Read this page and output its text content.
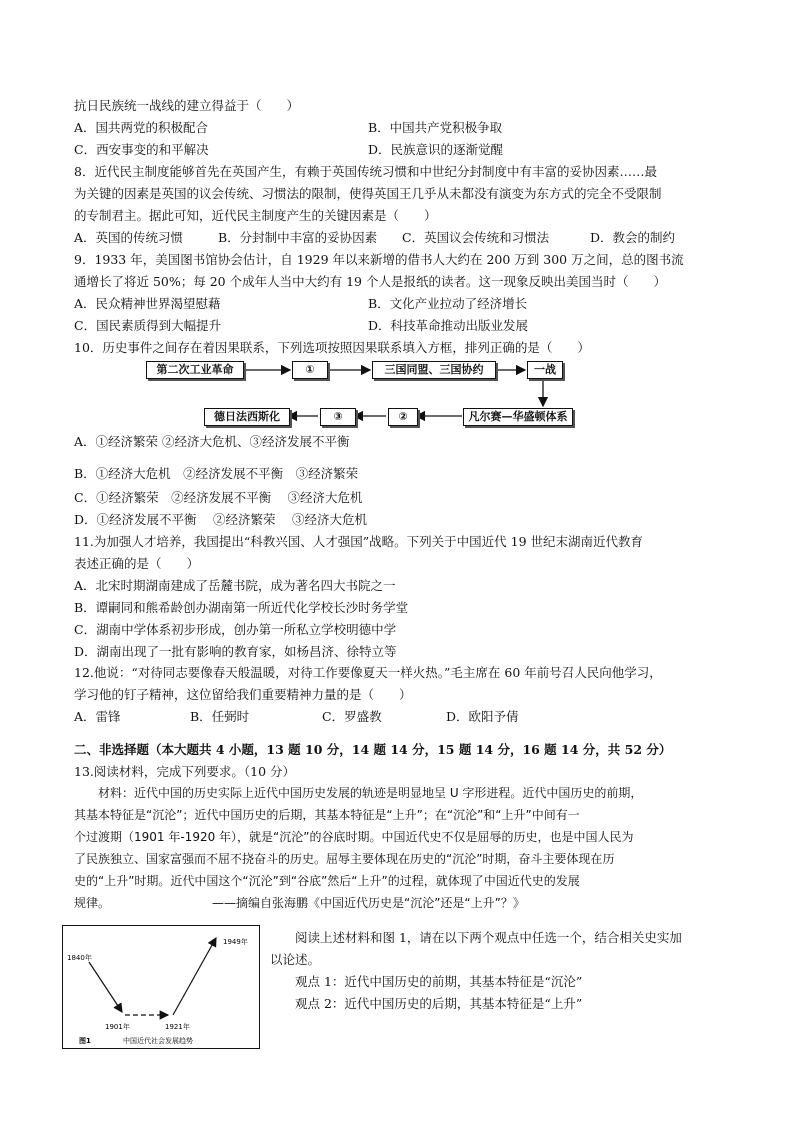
抗日民族统一战线的建立得益于（　　）
A．国共两党的积极配合	B．中国共产党积极争取
C．西安事变的和平解决	D．民族意识的逐渐觉醒
8．近代民主制度能够首先在英国产生，有赖于英国传统习惯和中世纪分封制度中有丰富的妥协因素……最
为关键的因素是英国的议会传统、习惯法的限制，使得英国王几乎从未都没有演变为东方式的完全不受限制
的专制君主。据此可知，近代民主制度产生的关键因素是（　　）
A．英国的传统习惯	B．分封制中丰富的妥协因素 C．英国议会传统和习惯法	D．教会的制约
9．1933 年，美国图书馆协会估计，自 1929 年以来新增的借书人大约在 200 万到 300 万之间，总的图书流
通增长了将近 50%；每 20 个成年人当中大约有 19 个人是报纸的读者。这一现象反映出美国当时（　　）
A．民众精神世界渴望慰藉	B．文化产业拉动了经济增长
C．国民素质得到大幅提升	D．科技革命推动出版业发展
10．历史事件之间存在着因果联系，下列选项按照因果联系填入方框，排列正确的是（　　）
第二次工业革命	①	三国同盟、三国协约	一战
凡尔赛—华盛顿体系
②
③
德日法西斯化
A．①经济繁荣 ②经济大危机、③经济发展不平衡
B．①经济大危机　②经济发展不平衡　③经济繁荣
C．①经济繁荣　②经济发展不平衡　 ③经济大危机
D．①经济发展不平衡　 ②经济繁荣　 ③经济大危机
11.为加强人才培养，我国提出“科教兴国、人才强国”战略。下列关于中国近代 19 世纪末湖南近代教育
表述正确的是（　　）
A．北宋时期湖南建成了岳麓书院，成为著名四大书院之一
B．谭嗣同和熊希龄创办湖南第一所近代化学校长沙时务学堂
C．湖南中学体系初步形成，创办第一所私立学校明德中学
D．湖南出现了一批有影响的教育家，如杨昌济、徐特立等
12.他说：“对待同志要像春天般温暖，对待工作要像夏天一样火热。”毛主席在 60 年前号召人民向他学习，
学习他的钉子精神，这位留给我们重要精神力量的是（　　）
A．雷锋	B．任弼时	C．罗盛教	D．欧阳予倩
二、非选择题（本大题共 4 小题，13 题 10 分，14 题 14 分，15 题 14 分，16 题 14 分，共 52 分）
13.阅读材料，完成下列要求。（10 分）
　　材料：近代中国的历史实际上近代中国历史发展的轨迹是明显地呈 U 字形进程。近代中国历史的前期，
其基本特征是“沉沦”；近代中国历史的后期，其基本特征是“上升”；在“沉沦”和“上升”中间有一
个过渡期（1901 年-1920 年），就是“沉沦”的谷底时期。中国近代史不仅是屈辱的历史，也是中国人民为
了民族独立、国家富强而不屈不挠奋斗的历史。屈辱主要体现在历史的“沉沦”时期，奋斗主要体现在历
史的“上升”时期。近代中国这个“沉沦”到“谷底”然后“上升”的过程，就体现了中国近代史的发展
规律。　　　　　　　　　——摘编自张海鹏《中国近代历史是“沉沦”还是“上升”？》
1840年
1901年	1921年
1949年
图1	中国近代社会发展趋势
　　阅读上述材料和图 1，请在以下两个观点中任选一个，结合相关史实加
以论述。
　　观点 1：近代中国历史的前期，其基本特征是“沉沦”
　　观点 2：近代中国历史的后期，其基本特征是“上升”
